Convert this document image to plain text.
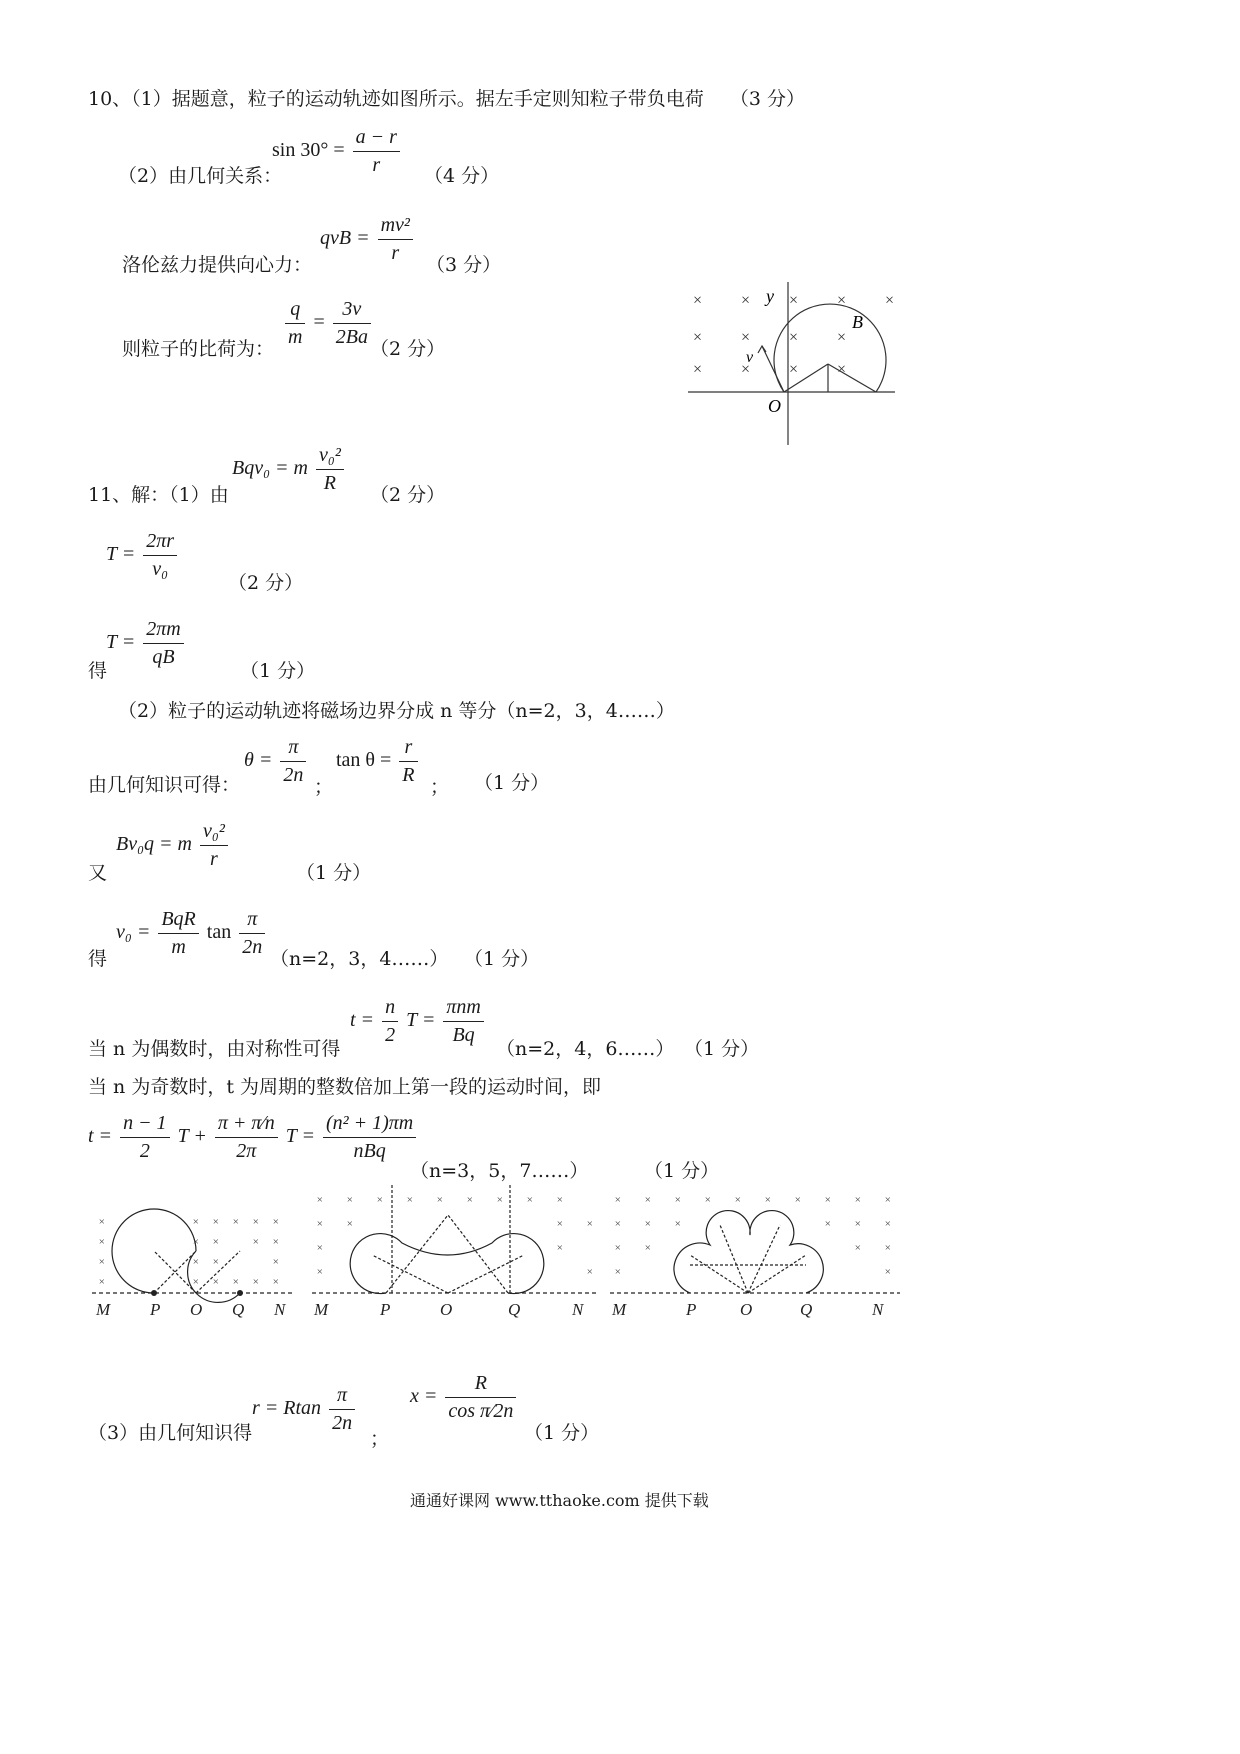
10、（1）据题意，粒子的运动轨迹如图所示。据左手定则知粒子带负电荷 （3 分）
（2）由几何关系：
$\sin 30^\circ = \frac{a - r}{r} (4$ 分）
洛伦兹力提供向心力：
qvB = $\frac{\text{mv²}}{r} (3$ 分）
则粒子的比荷为： $\frac{q}{m} = \frac{3v}{2Ba} (2$ 分）
× × × × ×
× × × ×
× × × ×
y
B
v
O
11、解：（1）由
Bqv₀ = m $\frac{\text{v₀²}}{R} (2$ 分）
$T = \frac{2\pi r}{\text{v₀}}$
（2 分）
得
$T = \frac{2\pi m}{qB}$
（1 分）
（2）粒子的运动轨迹将磁场边界分成 n 等分（n=2，3，4……）
由几何知识可得：
$\theta = \frac{\pi}{2n}$ ；
$\tan \theta = \frac{r}{R}$ ； （1 分）
又
Bv₀q = m $\frac{\text{v₀²}}{r}$
（1 分）
得
$v_0 = \frac{\text{BqR}}{m}$ $\tan \frac{\pi}{2n} (n=2$，3，4……） （1 分）
当 n 为偶数时，由对称性可得
$t = \frac{n}{2}$ $T = \frac{\text{πnm}}{Bq}$
（n=2，4，6……） （1 分）
当 n 为奇数时，t 为周期的整数倍加上第一段的运动时间，即
$t = \frac{n - 1}{2}$ $T + \frac{\pi + \pi⁄n}{2\pi}$ $T = \frac{\text{(n² + 1)πm}}{\text{nBq}}$
（n=3，5，7……）	（1 分）
×
×
×
×
× × × × ×
× ×	× ×
× ×	×
× × × × ×
M P O Q N
× × × × × × × × ×
× ×	× ×
×	×
×	×
M	P	O	Q	N
× × × × × × × × × ×
× × ×	× × ×
× ×	× ×
×	×
M	P	O	Q	N
（3）由几何知识得
r = Rtan $\frac{\pi}{2n}$
；
$x = \frac{R}{\text{cos π⁄2n}}$
（1 分）
通通好课网 www.tthaoke.com 提供下载
